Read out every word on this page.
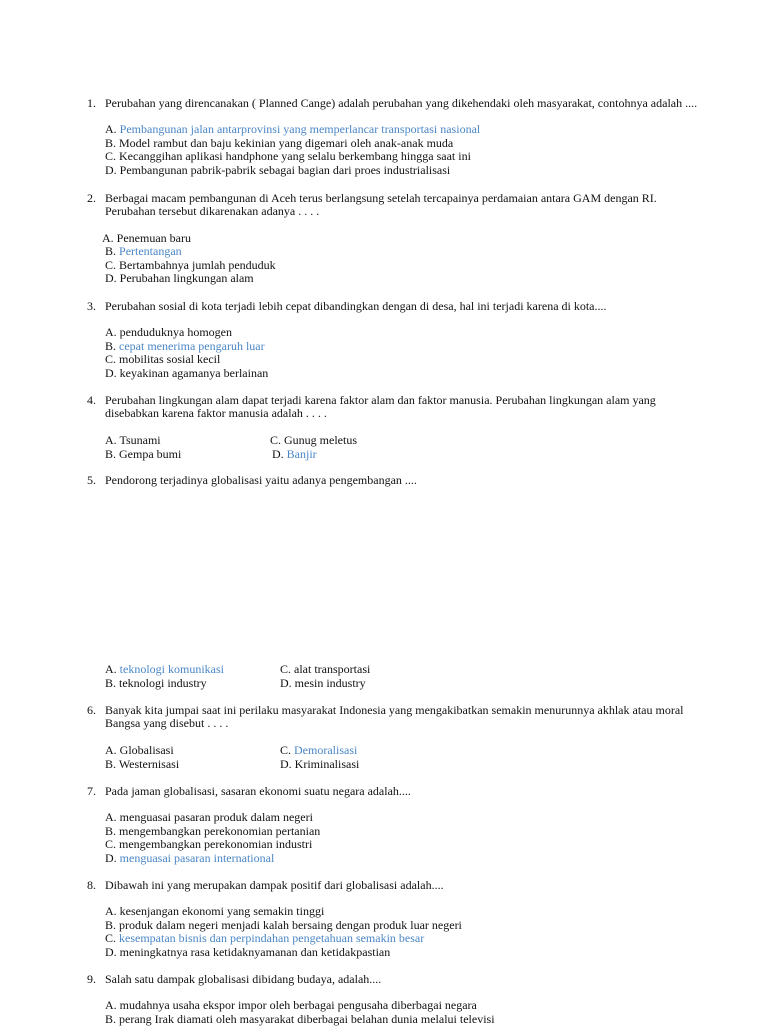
1. Perubahan yang direncanakan ( Planned Cange) adalah perubahan yang dikehendaki oleh masyarakat, contohnya adalah ....
A. Pembangunan jalan antarprovinsi yang memperlancar transportasi nasional
B. Model rambut dan baju kekinian yang digemari oleh anak-anak muda
C. Kecanggihan aplikasi handphone yang selalu berkembang hingga saat ini
D. Pembangunan pabrik-pabrik sebagai bagian dari proes industrialisasi
2. Berbagai macam pembangunan di Aceh terus berlangsung setelah tercapainya perdamaian antara GAM dengan RI. Perubahan tersebut dikarenakan adanya . . . .
A. Penemuan baru
B. Pertentangan
C. Bertambahnya jumlah penduduk
D. Perubahan lingkungan alam
3. Perubahan sosial di kota terjadi lebih cepat dibandingkan dengan di desa, hal ini terjadi karena di kota....
A. penduduknya homogen
B. cepat menerima pengaruh luar
C. mobilitas sosial kecil
D. keyakinan agamanya berlainan
4. Perubahan lingkungan alam dapat terjadi karena faktor alam dan faktor manusia. Perubahan lingkungan alam yang disebabkan karena faktor manusia adalah . . . .
A. Tsunami
B. Gempa bumi
C. Gunug meletus
D. Banjir
5. Pendorong terjadinya globalisasi yaitu adanya pengembangan ....
A. teknologi komunikasi
B. teknologi industry
C. alat transportasi
D. mesin industry
6. Banyak kita jumpai saat ini perilaku masyarakat Indonesia yang mengakibatkan semakin menurunnya akhlak atau moral Bangsa yang disebut . . . .
A. Globalisasi
B. Westernisasi
C. Demoralisasi
D. Kriminalisasi
7. Pada jaman globalisasi, sasaran ekonomi suatu negara adalah....
A. menguasai pasaran produk dalam negeri
B. mengembangkan perekonomian pertanian
C. mengembangkan perekonomian industri
D. menguasai pasaran international
8. Dibawah ini yang merupakan dampak positif dari globalisasi adalah....
A. kesenjangan ekonomi yang semakin tinggi
B. produk dalam negeri menjadi kalah bersaing dengan produk luar negeri
C. kesempatan bisnis dan perpindahan pengetahuan semakin besar
D. meningkatnya rasa ketidaknyamanan dan ketidakpastian
9. Salah satu dampak globalisasi dibidang budaya, adalah....
A. mudahnya usaha ekspor impor oleh berbagai pengusaha diberbagai negara
B. perang Irak diamati oleh masyarakat diberbagai belahan dunia melalui televisi
